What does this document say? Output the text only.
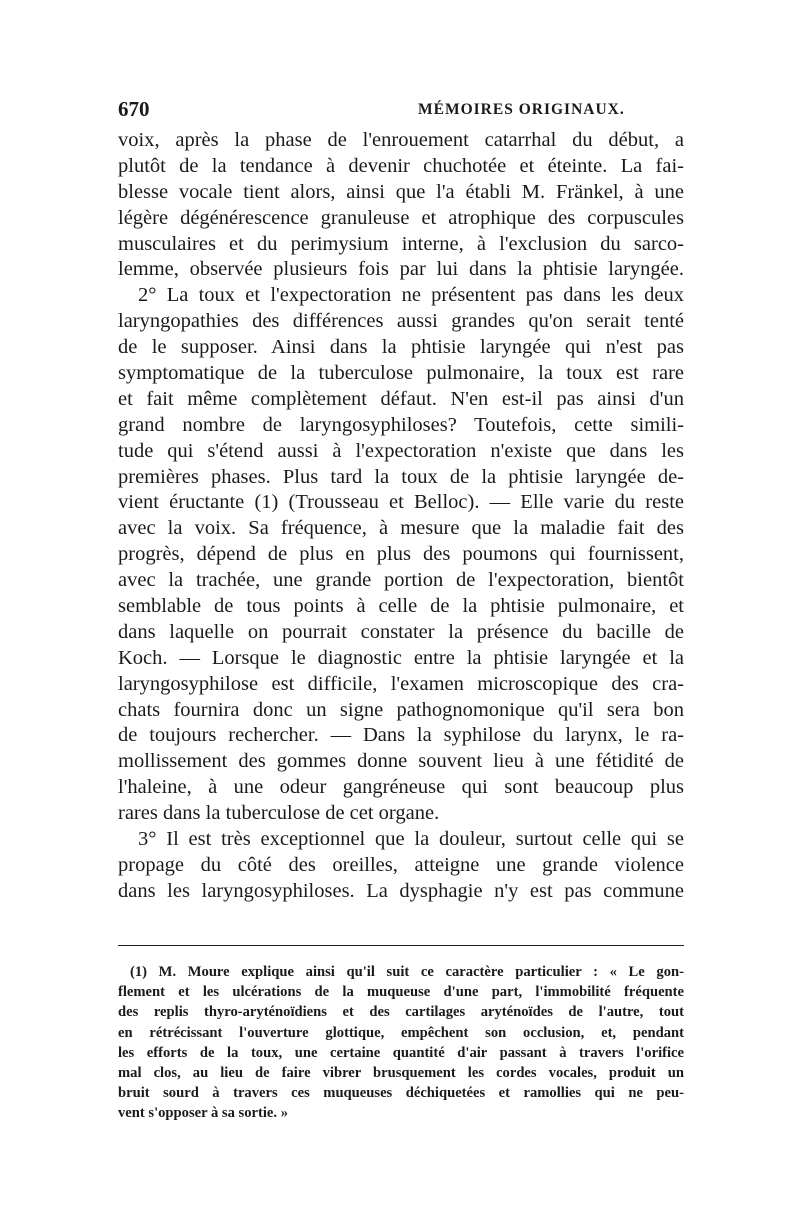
670	MÉMOIRES ORIGINAUX.
voix, après la phase de l'enrouement catarrhal du début, a
plutôt de la tendance à devenir chuchotée et éteinte. La fai-
blesse vocale tient alors, ainsi que l'a établi M. Fränkel, à une
légère dégénérescence granuleuse et atrophique des corpuscules
musculaires et du perimysium interne, à l'exclusion du sarco-
lemme, observée plusieurs fois par lui dans la phtisie laryngée.
2° La toux et l'expectoration ne présentent pas dans les deux
laryngopathies des différences aussi grandes qu'on serait tenté
de le supposer. Ainsi dans la phtisie laryngée qui n'est pas
symptomatique de la tuberculose pulmonaire, la toux est rare
et fait même complètement défaut. N'en est-il pas ainsi d'un
grand nombre de laryngosyphiloses? Toutefois, cette simili-
tude qui s'étend aussi à l'expectoration n'existe que dans les
premières phases. Plus tard la toux de la phtisie laryngée de-
vient éructante (1) (Trousseau et Belloc). — Elle varie du reste
avec la voix. Sa fréquence, à mesure que la maladie fait des
progrès, dépend de plus en plus des poumons qui fournissent,
avec la trachée, une grande portion de l'expectoration, bientôt
semblable de tous points à celle de la phtisie pulmonaire, et
dans laquelle on pourrait constater la présence du bacille de
Koch. — Lorsque le diagnostic entre la phtisie laryngée et la
laryngosyphilose est difficile, l'examen microscopique des cra-
chats fournira donc un signe pathognomonique qu'il sera bon
de toujours rechercher. — Dans la syphilose du larynx, le ra-
mollissement des gommes donne souvent lieu à une fétidité de
l'haleine, à une odeur gangréneuse qui sont beaucoup plus
rares dans la tuberculose de cet organe.
3° Il est très exceptionnel que la douleur, surtout celle qui se
propage du côté des oreilles, atteigne une grande violence
dans les laryngosyphiloses. La dysphagie n'y est pas commune
(1) M. Moure explique ainsi qu'il suit ce caractère particulier : « Le gon-
flement et les ulcérations de la muqueuse d'une part, l'immobilité fréquente
des replis thyro-aryténoïdiens et des cartilages aryténoïdes de l'autre, tout
en rétrécissant l'ouverture glottique, empêchent son occlusion, et, pendant
les efforts de la toux, une certaine quantité d'air passant à travers l'orifice
mal clos, au lieu de faire vibrer brusquement les cordes vocales, produit un
bruit sourd à travers ces muqueuses déchiquetées et ramollies qui ne peu-
vent s'opposer à sa sortie. »
